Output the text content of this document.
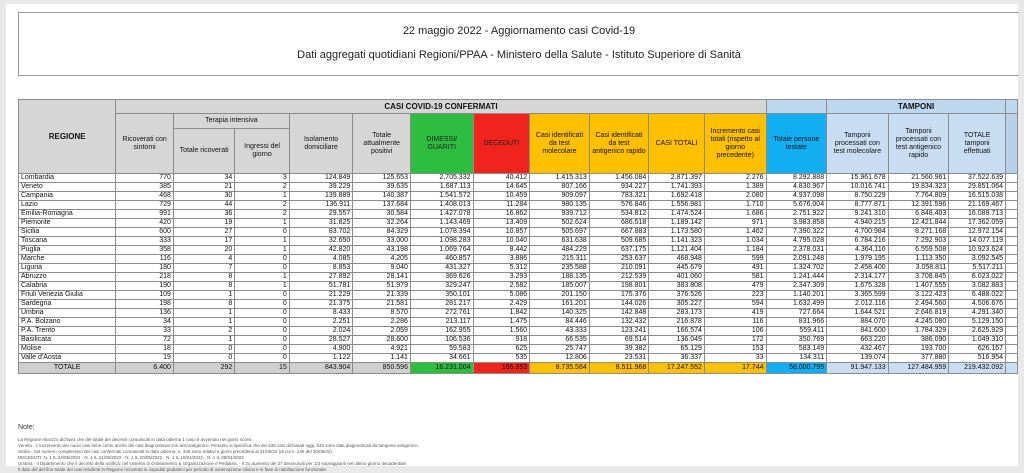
22 maggio 2022 - Aggiornamento casi Covid-19
Dati aggregati quotidiani Regioni/PPAA - Ministero della Salute - Istituto Superiore di Sanità
REGIONE	CASI COVID-19 CONFERMATI												TAMPONI			
	Ricoverati con sintomi	Terapia intensiva		Isolamento domiciliare	Totale attualmente positivi	DIMESSI/ GUARITI	DECEDUTI	Casi identificati da test molecolare	Casi identificati da test antigenico rapido	CASI TOTALI	Incremento casi totali (rispetto al giorno precedente)	Totale persone testate	Tamponi processati con test molecolare	Tamponi processati con test antigenico rapido	TOTALE tamponi effettuati	
		Totale ricoverati	Ingressi del giorno													
Lombardia	770	34	3	124.849	125.653	2.705.332	40.412	1.415.313	1.456.084	2.871.397	2.276	8.292.888	15.961.678	21.560.961	37.522.639	
Veneto	385	21	2	39.229	39.635	1.687.113	14.645	807.166	934.227	1.741.393	1.389	4.830.967	10.016.741	19.834.323	29.851.064	
Campania	468	30	1	139.889	140.387	1.541.572	10.459	909.097	783.321	1.692.418	2.080	4.937.098	8.750.229	7.764.809	16.515.038	
Lazio	729	44	2	136.911	137.684	1.408.013	11.284	980.135	576.846	1.556.981	1.710	5.676.004	8.777.871	12.391.596	21.169.467	
Emilia-Romagna	991	36	2	29.557	30.584	1.427.078	16.862	939.712	534.812	1.474.524	1.686	2.751.922	9.241.310	6.848.403	16.089.713	
Piemonte	420	19	1	31.825	32.264	1.143.469	13.409	502.624	686.518	1.189.142	971	3.983.858	4.940.215	12.421.844	17.362.059	
Sicilia	600	27	0	83.702	84.329	1.078.394	10.857	505.697	667.883	1.173.580	1.462	7.390.322	4.700.984	8.271.168	12.972.154	
Toscana	333	17	1	32.650	33.000	1.098.283	10.040	631.638	509.685	1.141.323	1.034	4.795.028	6.784.216	7.292.903	14.077.119	
Puglia	358	20	1	42.820	43.198	1.069.764	8.442	484.229	637.175	1.121.404	1.184	2.378.031	4.364.116	6.559.508	10.923.624	
Marche	116	4	0	4.085	4.205	460.857	3.886	215.311	253.637	468.948	599	2.091.248	1.979.195	1.113.350	3.092.545	
Liguria	180	7	0	8.853	9.040	431.327	5.312	235.588	210.091	445.679	491	1.324.702	2.458.400	3.058.811	5.517.211	
Abruzzo	218	8	1	27.892	28.141	369.626	3.293	188.135	212.539	401.060	581	1.241.444	2.314.177	3.708.845	6.023.022	
Calabria	190	8	1	51.781	51.979	329.247	2.582	185.007	198.801	383.808	479	2.347.309	1.675.328	1.407.555	3.082.883	
Friuli Venezia Giulia	109	1	0	21.229	21.339	350.101	5.086	201.150	175.376	376.526	223	1.140.201	3.365.599	3.122.423	6.488.022	
Sardegna	198	8	0	21.375	21.581	281.217	2.429	161.201	144.026	305.227	594	1.632.499	2.012.116	2.494.560	4.506.676	
Umbria	136	1	0	8.433	8.570	272.761	1.842	140.325	142.848	283.173	419	727.664	1.644.521	2.646.819	4.291.340	
P.A. Bolzano	34	1	0	2.251	2.286	213.117	1.475	84.446	132.432	216.878	116	831.966	884.070	4.245.080	5.129.150	
P.A. Trento	33	2	0	2.024	2.059	162.955	1.560	43.333	123.241	166.574	106	559.411	841.600	1.784.329	2.625.929	
Basilicata	72	1	0	28.527	28.600	106.536	918	66.535	69.514	136.049	172	350.769	663.220	386.090	1.049.310	
Molise	18	0	0	4.900	4.921	59.583	625	25.747	39.382	65.129	153	583.149	432.467	193.700	626.167	
Valle d'Aosta	19	0	0	1.122	1.141	34.661	535	12.806	23.531	36.337	33	134.311	139.074	377.880	516.954	
TOTALE	6.400	292	15	843.904	850.596	16.231.004	165.953	8.735.584	8.511.968	17.247.552	17.744	58.000.795	91.947.133	127.484.959	219.432.092	
Note:
La Regione Abruzzo dichiara che del totale dei decessi comunicati in data odierna 1 caso è avvenuto nei giorni scorsi.
Veneto - L'incremento dei nuovi casi tiene conto anche dei casi diagnosticati con test antigenico. Pertanto si specifica che dei 536 casi dichiarati oggi, 533 sono stati diagnosticati da tampone antigenico.
Sicilia - Sul numero complessivo dei casi confermati comunicati in data odierna, n. 345 sono relativi a giorni precedenti al 21/05/22 (di cui n. 245 del 20/05/22).
DECEDUTI: N. 1 IL 22/05/2022 - N. 4 IL 21/05/2022 - N. 1 IL 20/05/2022 - N. 1 IL 10/04/2022 - N. 1 IL 09/04/2022
Umbria - Il Dipartimento che il decreto della notifica: nel sistema di Ordinamento & Organizzazione e Pediatria. - Il 2o aumento dei 27 decisionali per 1/3 sopraggiunti nel ultimo giorno decadentale.
Il dato del del fino totale dei casi residenti in Regione ricoverati in ospedali pediatrici per periodo di osservazione clinica e in fase di riabilitazione funzionale.
